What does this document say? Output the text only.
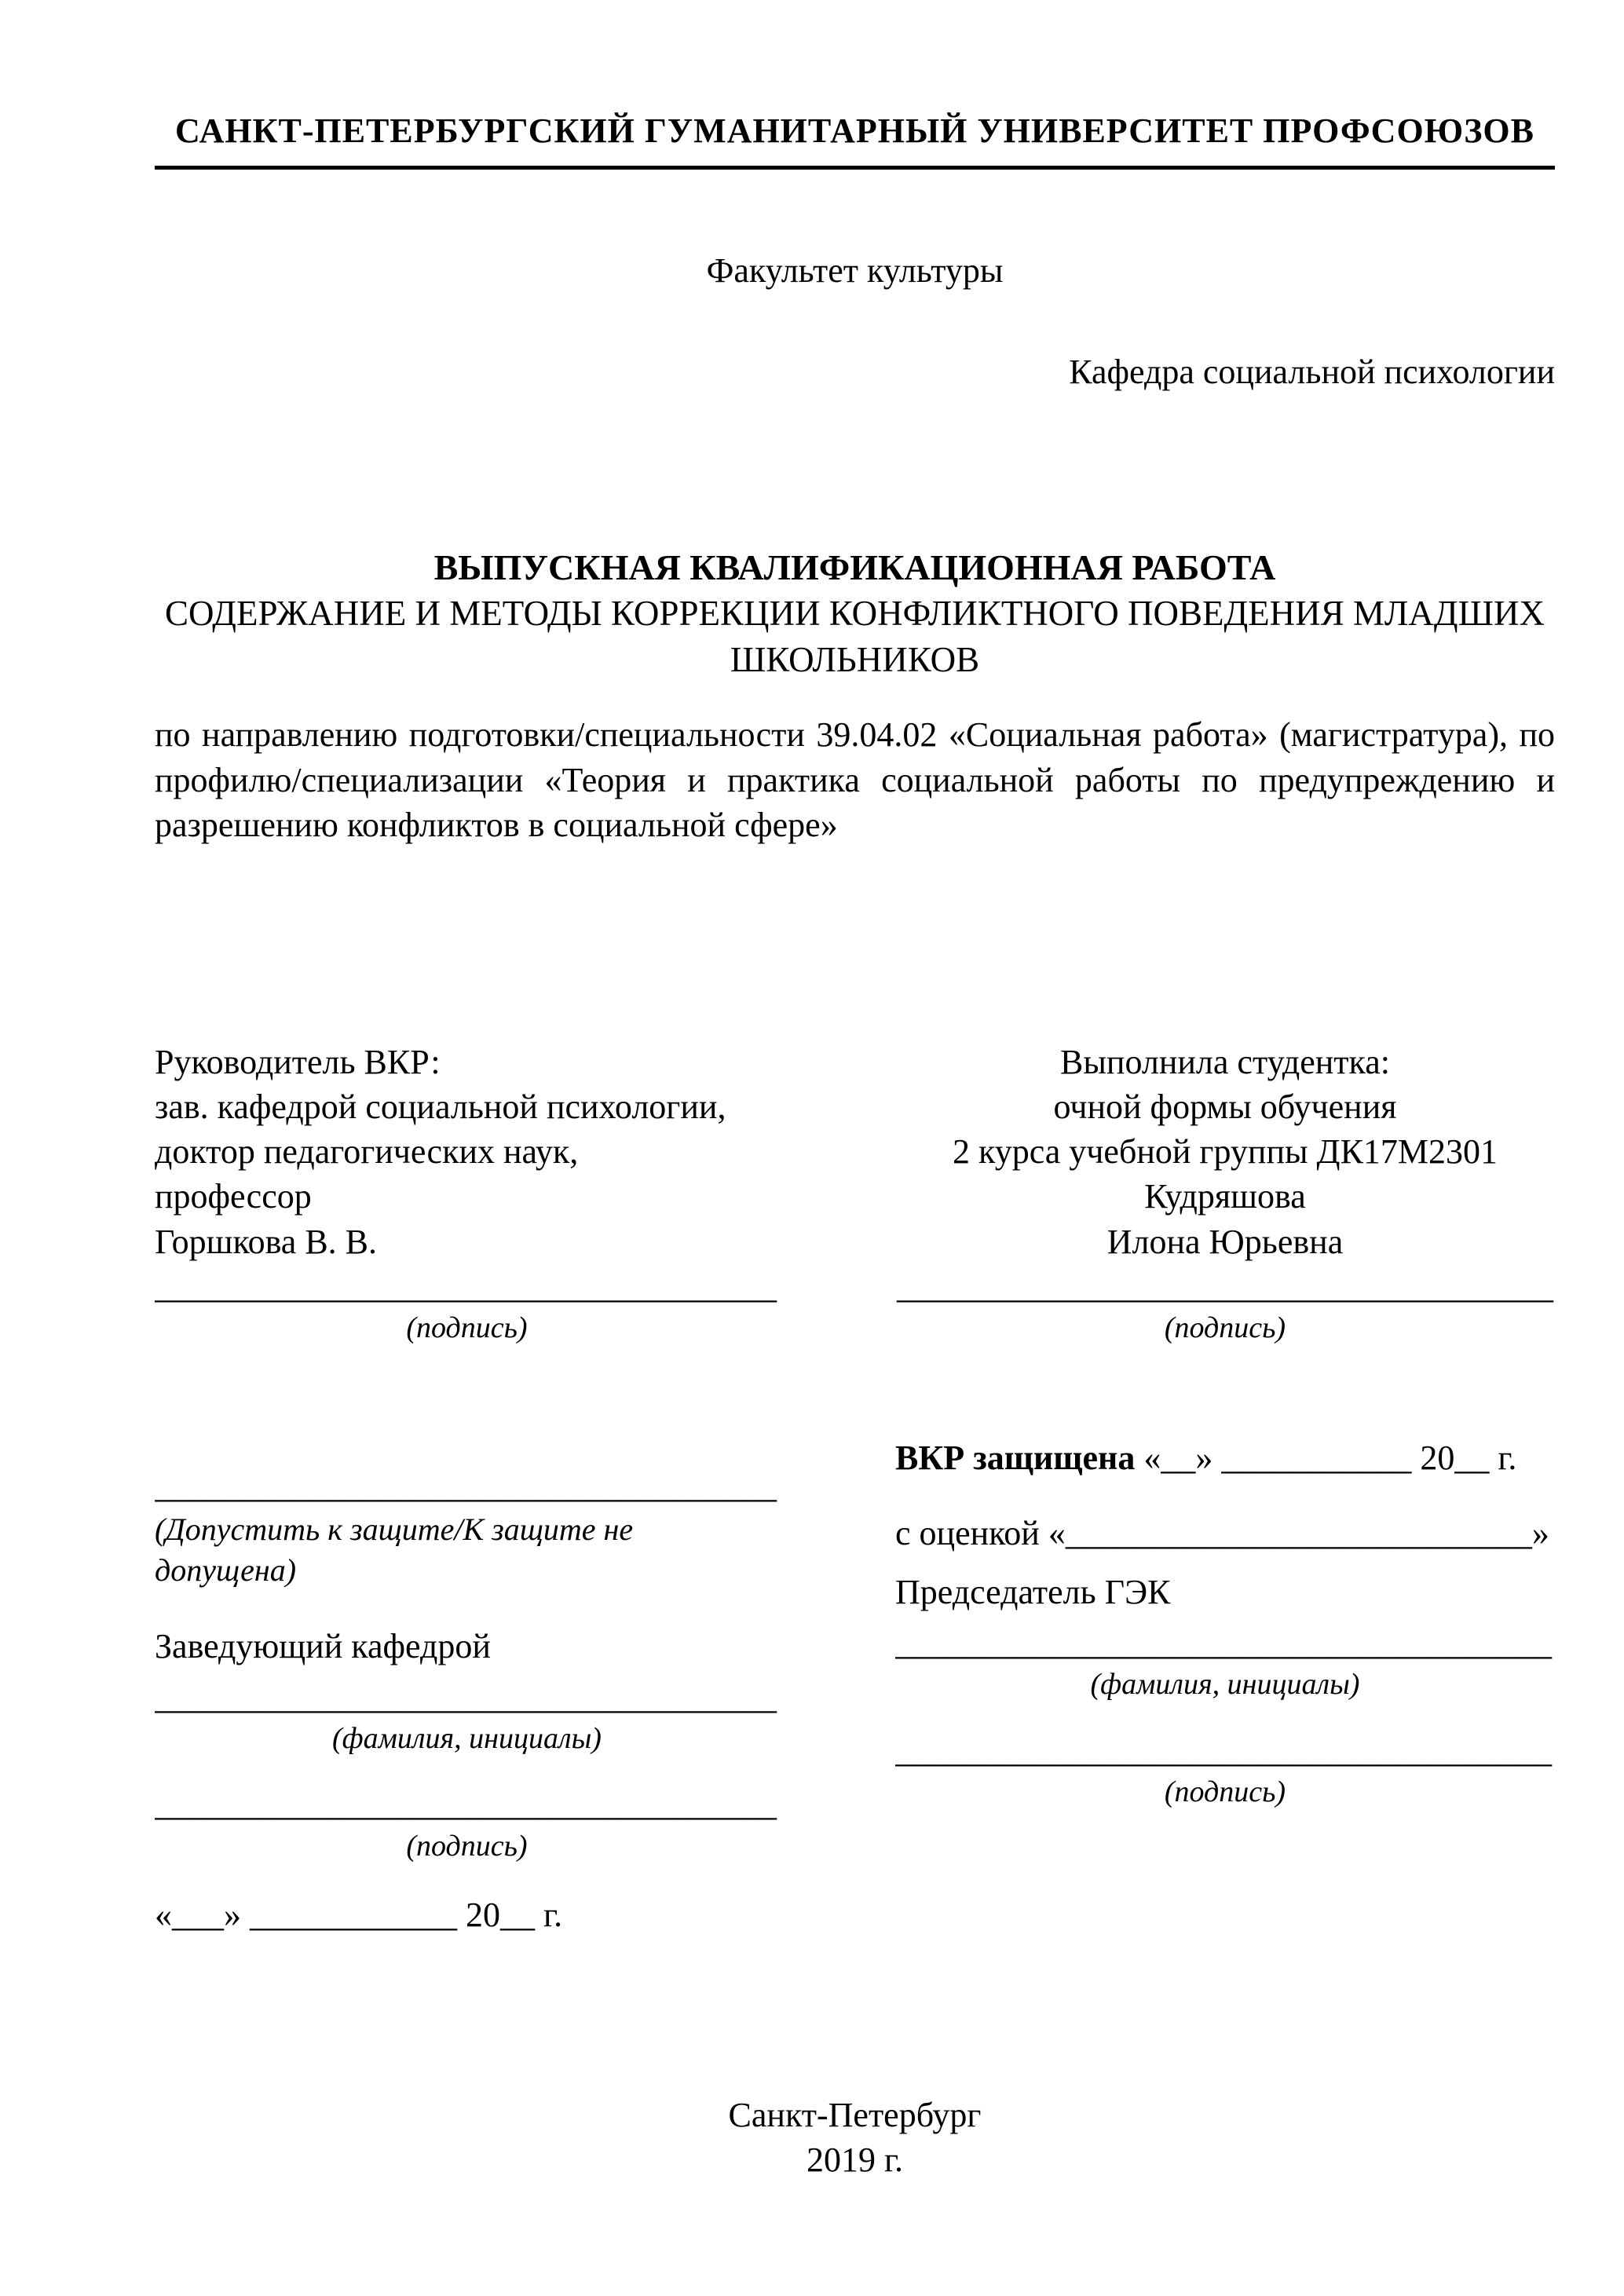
САНКТ-ПЕТЕРБУРГСКИЙ ГУМАНИТАРНЫЙ УНИВЕРСИТЕТ ПРОФСОЮЗОВ
Факультет культуры
Кафедра социальной психологии
ВЫПУСКНАЯ КВАЛИФИКАЦИОННАЯ РАБОТА
СОДЕРЖАНИЕ И МЕТОДЫ КОРРЕКЦИИ КОНФЛИКТНОГО ПОВЕДЕНИЯ МЛАДШИХ ШКОЛЬНИКОВ

по направлению подготовки/специальности 39.04.02 «Социальная работа» (магистратура), по профилю/специализации «Теория и практика социальной работы по предупреждению и разрешению конфликтов в социальной сфере»

Руководитель ВКР:
зав. кафедрой социальной психологии,
доктор педагогических наук,
профессор
Горшкова В. В.
____________________________________
(подпись)
Выполнила студентка:
очной формы обучения
2 курса учебной группы ДК17М2301
Кудряшова
Илона Юрьевна
______________________________________
(подпись)
____________________________________
(Допустить к защите/К защите не допущена)
Заведующий кафедрой
____________________________________
(фамилия, инициалы)
____________________________________
(подпись)
«___» ____________ 20__ г.
ВКР защищена «__» ___________ 20__ г.
с оценкой «___________________________»
Председатель ГЭК
______________________________________
(фамилия, инициалы)
______________________________________
(подпись)
Санкт-Петербург
2019 г.
